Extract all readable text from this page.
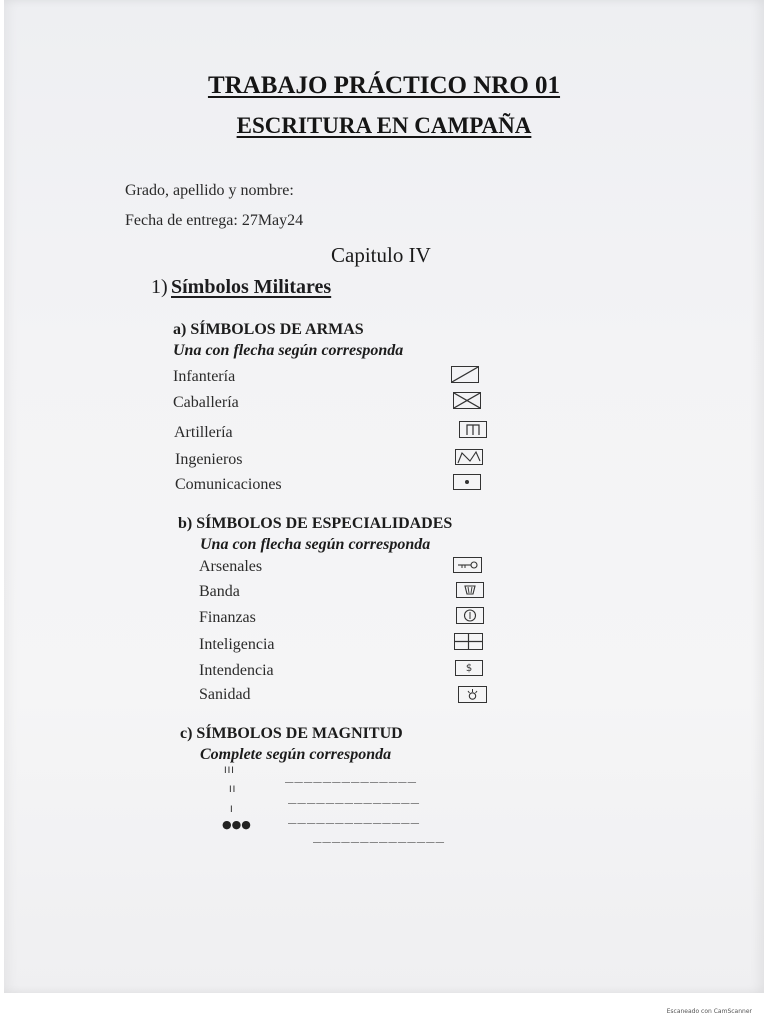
TRABAJO PRÁCTICO NRO 01
ESCRITURA EN CAMPAÑA
Grado, apellido y nombre:
Fecha de entrega: 27May24
Capitulo IV
1) Símbolos Militares
a) SÍMBOLOS DE ARMAS
Una con flecha según corresponda
Infantería
Caballería
Artillería
Ingenieros
Comunicaciones
b) SÍMBOLOS DE ESPECIALIDADES
Una con flecha según corresponda
Arsenales
Banda
Finanzas
Inteligencia
Intendencia
Sanidad
$
c) SÍMBOLOS DE MAGNITUD
Complete según corresponda
III
II
I
●●●
______________
______________
______________
______________
Escaneado con CamScanner
